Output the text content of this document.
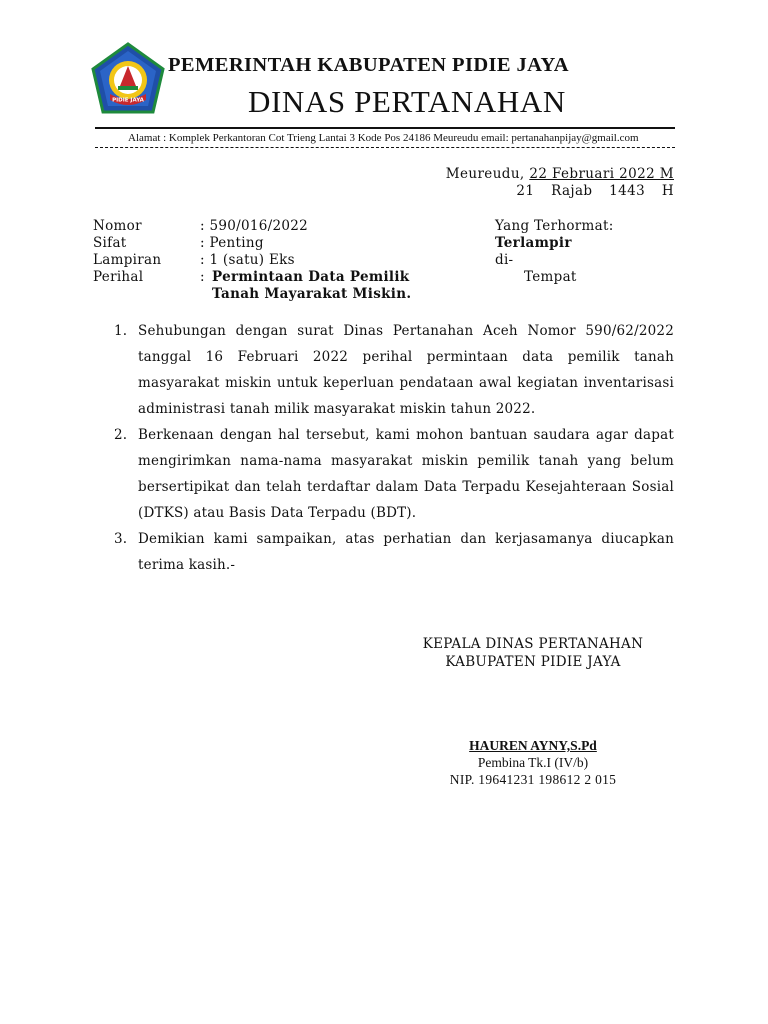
PIDIE JAYA
PEMERINTAH KABUPATEN PIDIE JAYA
DINAS PERTANAHAN
Alamat : Komplek Perkantoran Cot Trieng Lantai 3 Kode Pos 24186 Meureudu email: pertanahanpijay@gmail.com
Meureudu, 22 Februari 2022 M
21 Rajab 1443 H
Nomor	: 590/016/2022
Sifat	: Penting
Lampiran	: 1 (satu) Eks
Perihal	: Permintaan Data Pemilik
Tanah Mayarakat Miskin.
Yang Terhormat:
Terlampir
di-
Tempat
1. Sehubungan dengan surat Dinas Pertanahan Aceh Nomor 590/62/2022 tanggal 16 Februari 2022 perihal permintaan data pemilik tanah masyarakat miskin untuk keperluan pendataan awal kegiatan inventarisasi administrasi tanah milik masyarakat miskin tahun 2022.
2. Berkenaan dengan hal tersebut, kami mohon bantuan saudara agar dapat mengirimkan nama-nama masyarakat miskin pemilik tanah yang belum bersertipikat dan telah terdaftar dalam Data Terpadu Kesejahteraan Sosial (DTKS) atau Basis Data Terpadu (BDT).
3. Demikian kami sampaikan, atas perhatian dan kerjasamanya diucapkan terima kasih.-
KEPALA DINAS PERTANAHAN
KABUPATEN PIDIE JAYA
HAUREN AYNY,S.Pd
Pembina Tk.I (IV/b)
NIP. 19641231 198612 2 015
